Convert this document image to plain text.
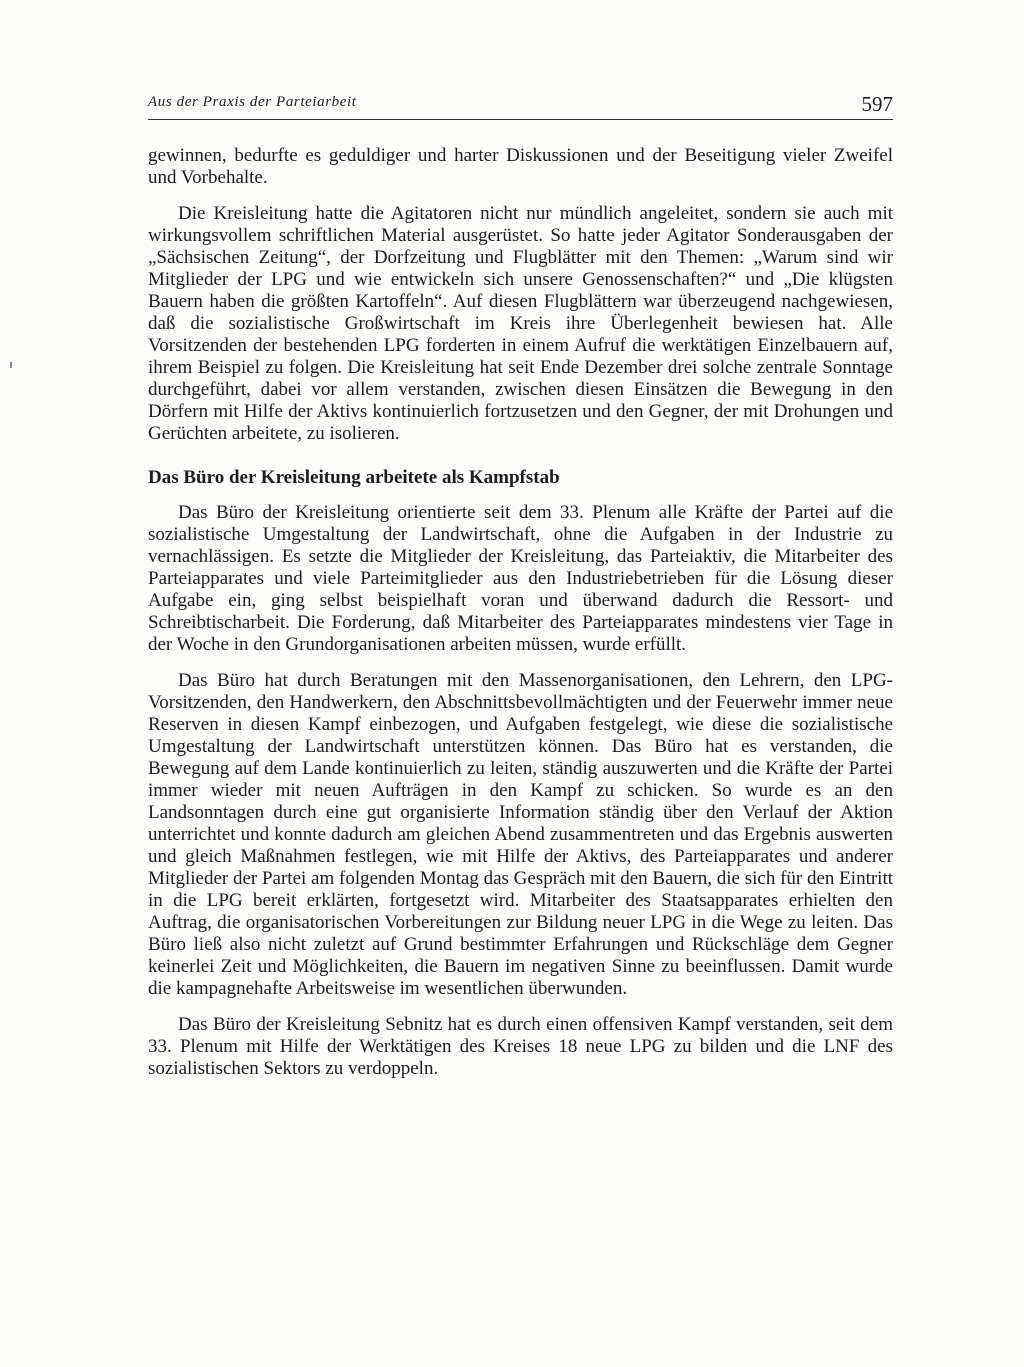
Aus der Praxis der Parteiarbeit	597

gewinnen, bedurfte es geduldiger und harter Diskussionen und der Beseitigung vieler Zweifel und Vorbehalte.

Die Kreisleitung hatte die Agitatoren nicht nur mündlich angeleitet, sondern sie auch mit wirkungsvollem schriftlichen Material ausgerüstet. So hatte jeder Agitator Sonderausgaben der „Sächsischen Zeitung“, der Dorfzeitung und Flugblätter mit den Themen: „Warum sind wir Mitglieder der LPG und wie entwickeln sich unsere Genossenschaften?“ und „Die klügsten Bauern haben die größten Kartoffeln“. Auf diesen Flugblättern war überzeugend nachgewiesen, daß die sozialistische Großwirtschaft im Kreis ihre Überlegenheit bewiesen hat. Alle Vorsitzenden der bestehenden LPG forderten in einem Aufruf die werktätigen Einzelbauern auf, ihrem Beispiel zu folgen. Die Kreisleitung hat seit Ende Dezember drei solche zentrale Sonntage durchgeführt, dabei vor allem verstanden, zwischen diesen Einsätzen die Bewegung in den Dörfern mit Hilfe der Aktivs kontinuierlich fortzusetzen und den Gegner, der mit Drohungen und Gerüchten arbeitete, zu isolieren.

Das Büro der Kreisleitung arbeitete als Kampfstab

Das Büro der Kreisleitung orientierte seit dem 33. Plenum alle Kräfte der Partei auf die sozialistische Umgestaltung der Landwirtschaft, ohne die Aufgaben in der Industrie zu vernachlässigen. Es setzte die Mitglieder der Kreisleitung, das Parteiaktiv, die Mitarbeiter des Parteiapparates und viele Parteimitglieder aus den Industriebetrieben für die Lösung dieser Aufgabe ein, ging selbst beispielhaft voran und überwand dadurch die Ressort- und Schreibtischarbeit. Die Forderung, daß Mitarbeiter des Parteiapparates mindestens vier Tage in der Woche in den Grundorganisationen arbeiten müssen, wurde erfüllt.

Das Büro hat durch Beratungen mit den Massenorganisationen, den Lehrern, den LPG-Vorsitzenden, den Handwerkern, den Abschnittsbevollmächtigten und der Feuerwehr immer neue Reserven in diesen Kampf einbezogen, und Aufgaben festgelegt, wie diese die sozialistische Umgestaltung der Landwirtschaft unterstützen können. Das Büro hat es verstanden, die Bewegung auf dem Lande kontinuierlich zu leiten, ständig auszuwerten und die Kräfte der Partei immer wieder mit neuen Aufträgen in den Kampf zu schicken. So wurde es an den Landsonntagen durch eine gut organisierte Information ständig über den Verlauf der Aktion unterrichtet und konnte dadurch am gleichen Abend zusammentreten und das Ergebnis auswerten und gleich Maßnahmen festlegen, wie mit Hilfe der Aktivs, des Parteiapparates und anderer Mitglieder der Partei am folgenden Montag das Gespräch mit den Bauern, die sich für den Eintritt in die LPG bereit erklärten, fortgesetzt wird. Mitarbeiter des Staatsapparates erhielten den Auftrag, die organisatorischen Vorbereitungen zur Bildung neuer LPG in die Wege zu leiten. Das Büro ließ also nicht zuletzt auf Grund bestimmter Erfahrungen und Rückschläge dem Gegner keinerlei Zeit und Möglichkeiten, die Bauern im negativen Sinne zu beeinflussen. Damit wurde die kampagnehafte Arbeitsweise im wesentlichen überwunden.

Das Büro der Kreisleitung Sebnitz hat es durch einen offensiven Kampf verstanden, seit dem 33. Plenum mit Hilfe der Werktätigen des Kreises 18 neue LPG zu bilden und die LNF des sozialistischen Sektors zu verdoppeln.
